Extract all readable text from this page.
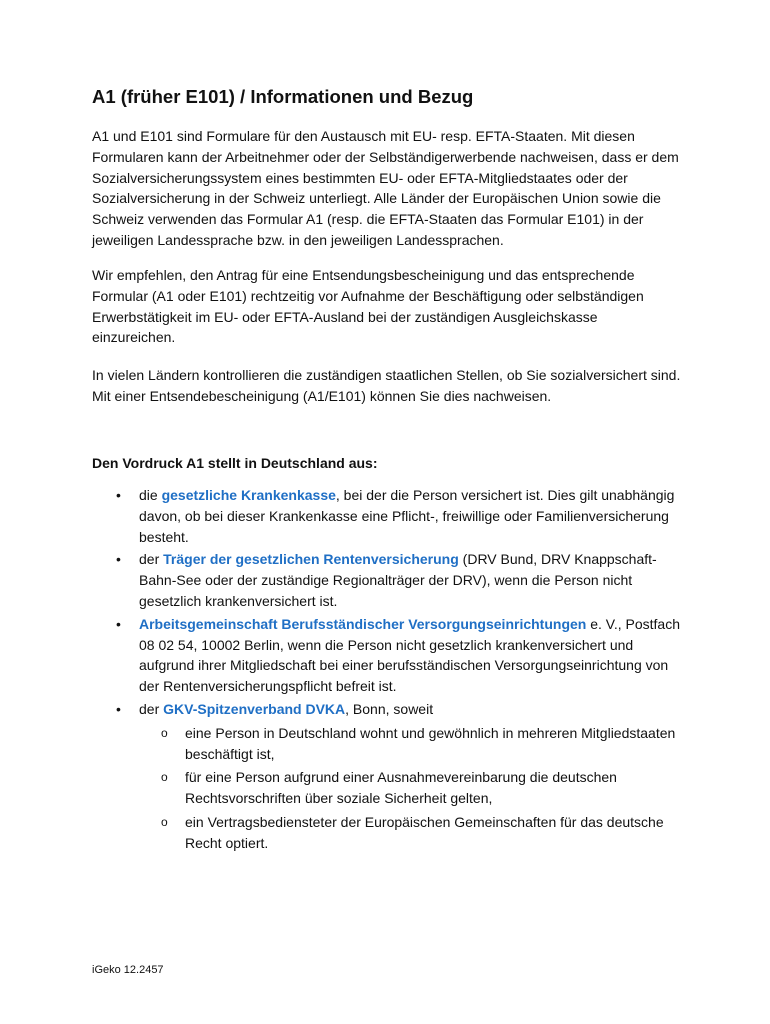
A1 (früher E101) / Informationen und Bezug

A1 und E101 sind Formulare für den Austausch mit EU- resp. EFTA-Staaten. Mit diesen Formularen kann der Arbeitnehmer oder der Selbständigerwerbende nachweisen, dass er dem Sozialversicherungssystem eines bestimmten EU- oder EFTA-Mitgliedstaates oder der Sozialversicherung in der Schweiz unterliegt. Alle Länder der Europäischen Union sowie die Schweiz verwenden das Formular A1 (resp. die EFTA-Staaten das Formular E101) in der jeweiligen Landessprache bzw. in den jeweiligen Landessprachen.

Wir empfehlen, den Antrag für eine Entsendungsbescheinigung und das entsprechende Formular (A1 oder E101) rechtzeitig vor Aufnahme der Beschäftigung oder selbständigen Erwerbstätigkeit im EU- oder EFTA-Ausland bei der zuständigen Ausgleichskasse einzureichen.

In vielen Ländern kontrollieren die zuständigen staatlichen Stellen, ob Sie sozialversichert sind. Mit einer Entsendebescheinigung (A1/E101) können Sie dies nachweisen.

Den Vordruck A1 stellt in Deutschland aus:
• die gesetzliche Krankenkasse, bei der die Person versichert ist. Dies gilt unabhängig davon, ob bei dieser Krankenkasse eine Pflicht-, freiwillige oder Familienversicherung besteht.
• der Träger der gesetzlichen Rentenversicherung (DRV Bund, DRV Knappschaft-Bahn-See oder der zuständige Regionalträger der DRV), wenn die Person nicht gesetzlich krankenversichert ist.
• Arbeitsgemeinschaft Berufsständischer Versorgungseinrichtungen e. V., Postfach 08 02 54, 10002 Berlin, wenn die Person nicht gesetzlich krankenversichert und aufgrund ihrer Mitgliedschaft bei einer berufsständischen Versorgungseinrichtung von der Rentenversicherungspflicht befreit ist.
• der GKV-Spitzenverband DVKA, Bonn, soweit
o eine Person in Deutschland wohnt und gewöhnlich in mehreren Mitgliedstaaten beschäftigt ist,
o für eine Person aufgrund einer Ausnahmevereinbarung die deutschen Rechtsvorschriften über soziale Sicherheit gelten,
o ein Vertragsbediensteter der Europäischen Gemeinschaften für das deutsche Recht optiert.
iGeko 12.2457
